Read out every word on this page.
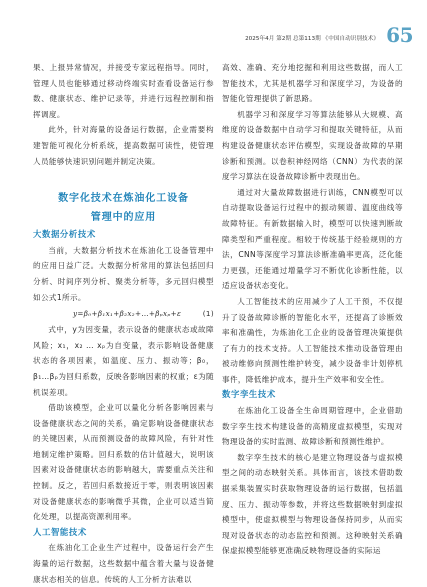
2025年4月 第2期 总第113期 《中国自动识别技术》 65

果、上报异常情况，并接受专家远程指导。同时，管理人员也能够通过移动终端实时查看设备运行参数、健康状态、维护记录等，并进行远程控制和指挥调度。

此外，针对海量的设备运行数据，企业需要构建智能可视化分析系统，提高数据可读性，使管理人员能够快速识别问题并制定决策。

数字化技术在炼油化工设备
管理中的应用

大数据分析技术

当前，大数据分析技术在炼油化工设备管理中的应用日益广泛。大数据分析常用的算法包括回归分析、时间序列分析、聚类分析等，多元回归模型如公式1所示。

y=β₀+β₁x₁+β₂x₂+…+βₚxₚ+ε	(1)

式中，y为因变量，表示设备的健康状态或故障风险；x₁，x₂ … xₚ为自变量，表示影响设备健康状态的各项因素，如温度、压力、振动等；β₀，β₁…βₚ为回归系数，反映各影响因素的权重；ε为随机误差项。

借助该模型，企业可以量化分析各影响因素与设备健康状态之间的关系，确定影响设备健康状态的关键因素，从而预测设备的故障风险，有针对性地制定维护策略。回归系数的估计值越大，说明该因素对设备健康状态的影响越大，需要重点关注和控制。反之，若回归系数接近于零，则表明该因素对设备健康状态的影响微乎其微，企业可以适当简化处理，以提高资源利用率。

人工智能技术

在炼油化工企业生产过程中，设备运行会产生海量的运行数据，这些数据中蕴含着大量与设备健康状态相关的信息。传统的人工分析方法难以

高效、准确、充分地挖掘和利用这些数据，而人工智能技术，尤其是机器学习和深度学习，为设备的智能化管理提供了新思路。

机器学习和深度学习等算法能够从大规模、高维度的设备数据中自动学习和提取关键特征，从而构建设备健康状态评估模型，实现设备故障的早期诊断和预测。以卷积神经网络（CNN）为代表的深度学习算法在设备故障诊断中表现出色。

通过对大量故障数据进行训练，CNN模型可以自动提取设备运行过程中的振动频谱、温度曲线等故障特征。有新数据输入时，模型可以快速判断故障类型和严重程度。相较于传统基于经验规则的方法，CNN等深度学习算法诊断准确率更高，泛化能力更强，还能通过增量学习不断优化诊断性能，以适应设备状态变化。

人工智能技术的应用减少了人工干预，不仅提升了设备故障诊断的智能化水平，还提高了诊断效率和准确性，为炼油化工企业的设备管理决策提供了有力的技术支持。人工智能技术推动设备管理由被动维修向预测性维护转变，减少设备非计划停机事件，降低维护成本，提升生产效率和安全性。

数字孪生技术

在炼油化工设备全生命周期管理中，企业借助数字孪生技术构建设备的高精度虚拟模型，实现对物理设备的实时监测、故障诊断和预测性维护。

数字孪生技术的核心是建立物理设备与虚拟模型之间的动态映射关系。具体而言，该技术借助数据采集装置实时获取物理设备的运行数据，包括温度、压力、振动等参数，并将这些数据映射到虚拟模型中，使虚拟模型与物理设备保持同步，从而实现对设备状态的动态监控和预测。这种映射关系确保虚拟模型能够更准确反映物理设备的实际运
